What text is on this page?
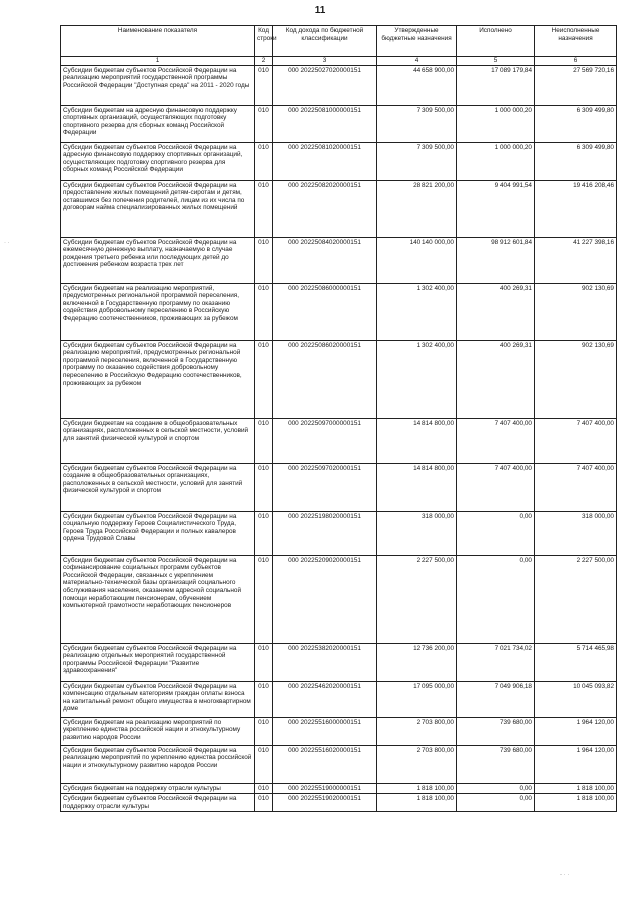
11
Наименование показателя	Код строки	Код дохода по бюджетной классификации	Утвержденные бюджетные назначения	Исполнено	Неисполненные назначения
1	2	3	4	5	6
Субсидии бюджетам субъектов Российской Федерации на реализацию мероприятий государственной программы Российской Федерации "Доступная среда" на 2011 - 2020 годы	010	000 20225027020000151	44 658 900,00	17 089 179,84	27 569 720,16
Субсидии бюджетам на адресную финансовую поддержку спортивных организаций, осуществляющих подготовку спортивного резерва для сборных команд Российской Федерации	010	000 20225081000000151	7 309 500,00	1 000 000,20	6 309 499,80
Субсидии бюджетам субъектов Российской Федерации на адресную финансовую поддержку спортивных организаций, осуществляющих подготовку спортивного резерва для сборных команд Российской Федерации	010	000 20225081020000151	7 309 500,00	1 000 000,20	6 309 499,80
Субсидии бюджетам субъектов Российской Федерации на предоставление жилых помещений детям-сиротам и детям, оставшимся без попечения родителей, лицам из их числа по договорам найма специализированных жилых помещений	010	000 20225082020000151	28 821 200,00	9 404 991,54	19 416 208,46
Субсидии бюджетам субъектов Российской Федерации на ежемесячную денежную выплату, назначаемую в случае рождения третьего ребенка или последующих детей до достижения ребенком возраста трех лет	010	000 20225084020000151	140 140 000,00	98 912 601,84	41 227 398,16
Субсидии бюджетам на реализацию мероприятий, предусмотренных региональной программой переселения, включенной в Государственную программу по оказанию содействия добровольному переселению в Российскую Федерацию соотечественников, проживающих за рубежом	010	000 20225086000000151	1 302 400,00	400 269,31	902 130,69
Субсидии бюджетам субъектов Российской Федерации на реализацию мероприятий, предусмотренных региональной программой переселения, включенной в Государственную программу по оказанию содействия добровольному переселению в Российскую Федерацию соотечественников, проживающих за рубежом	010	000 20225086020000151	1 302 400,00	400 269,31	902 130,69
Субсидии бюджетам на создание в общеобразовательных организациях, расположенных в сельской местности, условий для занятий физической культурой и спортом	010	000 20225097000000151	14 814 800,00	7 407 400,00	7 407 400,00
Субсидии бюджетам субъектов Российской Федерации на создание в общеобразовательных организациях, расположенных в сельской местности, условий для занятий физической культурой и спортом	010	000 20225097020000151	14 814 800,00	7 407 400,00	7 407 400,00
Субсидии бюджетам субъектов Российской Федерации на социальную поддержку Героев Социалистического Труда, Героев Труда Российской Федерации и полных кавалеров ордена Трудовой Славы	010	000 20225198020000151	318 000,00	0,00	318 000,00
Субсидии бюджетам субъектов Российской Федерации на софинансирование социальных программ субъектов Российской Федерации, связанных с укреплением материально-технической базы организаций социального обслуживания населения, оказанием адресной социальной помощи неработающим пенсионерам, обучением компьютерной грамотности неработающих пенсионеров	010	000 20225209020000151	2 227 500,00	0,00	2 227 500,00
Субсидии бюджетам субъектов Российской Федерации на реализацию отдельных мероприятий государственной программы Российской Федерации "Развитие здравоохранения"	010	000 20225382020000151	12 736 200,00	7 021 734,02	5 714 465,98
Субсидии бюджетам субъектов Российской Федерации на компенсацию отдельным категориям граждан оплаты взноса на капитальный ремонт общего имущества в многоквартирном доме	010	000 20225462020000151	17 095 000,00	7 049 906,18	10 045 093,82
Субсидии бюджетам на реализацию мероприятий по укреплению единства российской нации и этнокультурному развитию народов России	010	000 20225516000000151	2 703 800,00	739 680,00	1 964 120,00
Субсидии бюджетам субъектов Российской Федерации на реализацию мероприятий по укреплению единства российской нации и этнокультурному развитию народов России	010	000 20225516020000151	2 703 800,00	739 680,00	1 964 120,00
Субсидия бюджетам на поддержку отрасли культуры	010	000 20225519000000151	1 818 100,00	0,00	1 818 100,00
Субсидии бюджетам субъектов Российской Федерации на поддержку отрасли культуры	010	000 20225519020000151	1 818 100,00	0,00	1 818 100,00
· ·
·
- · ·
